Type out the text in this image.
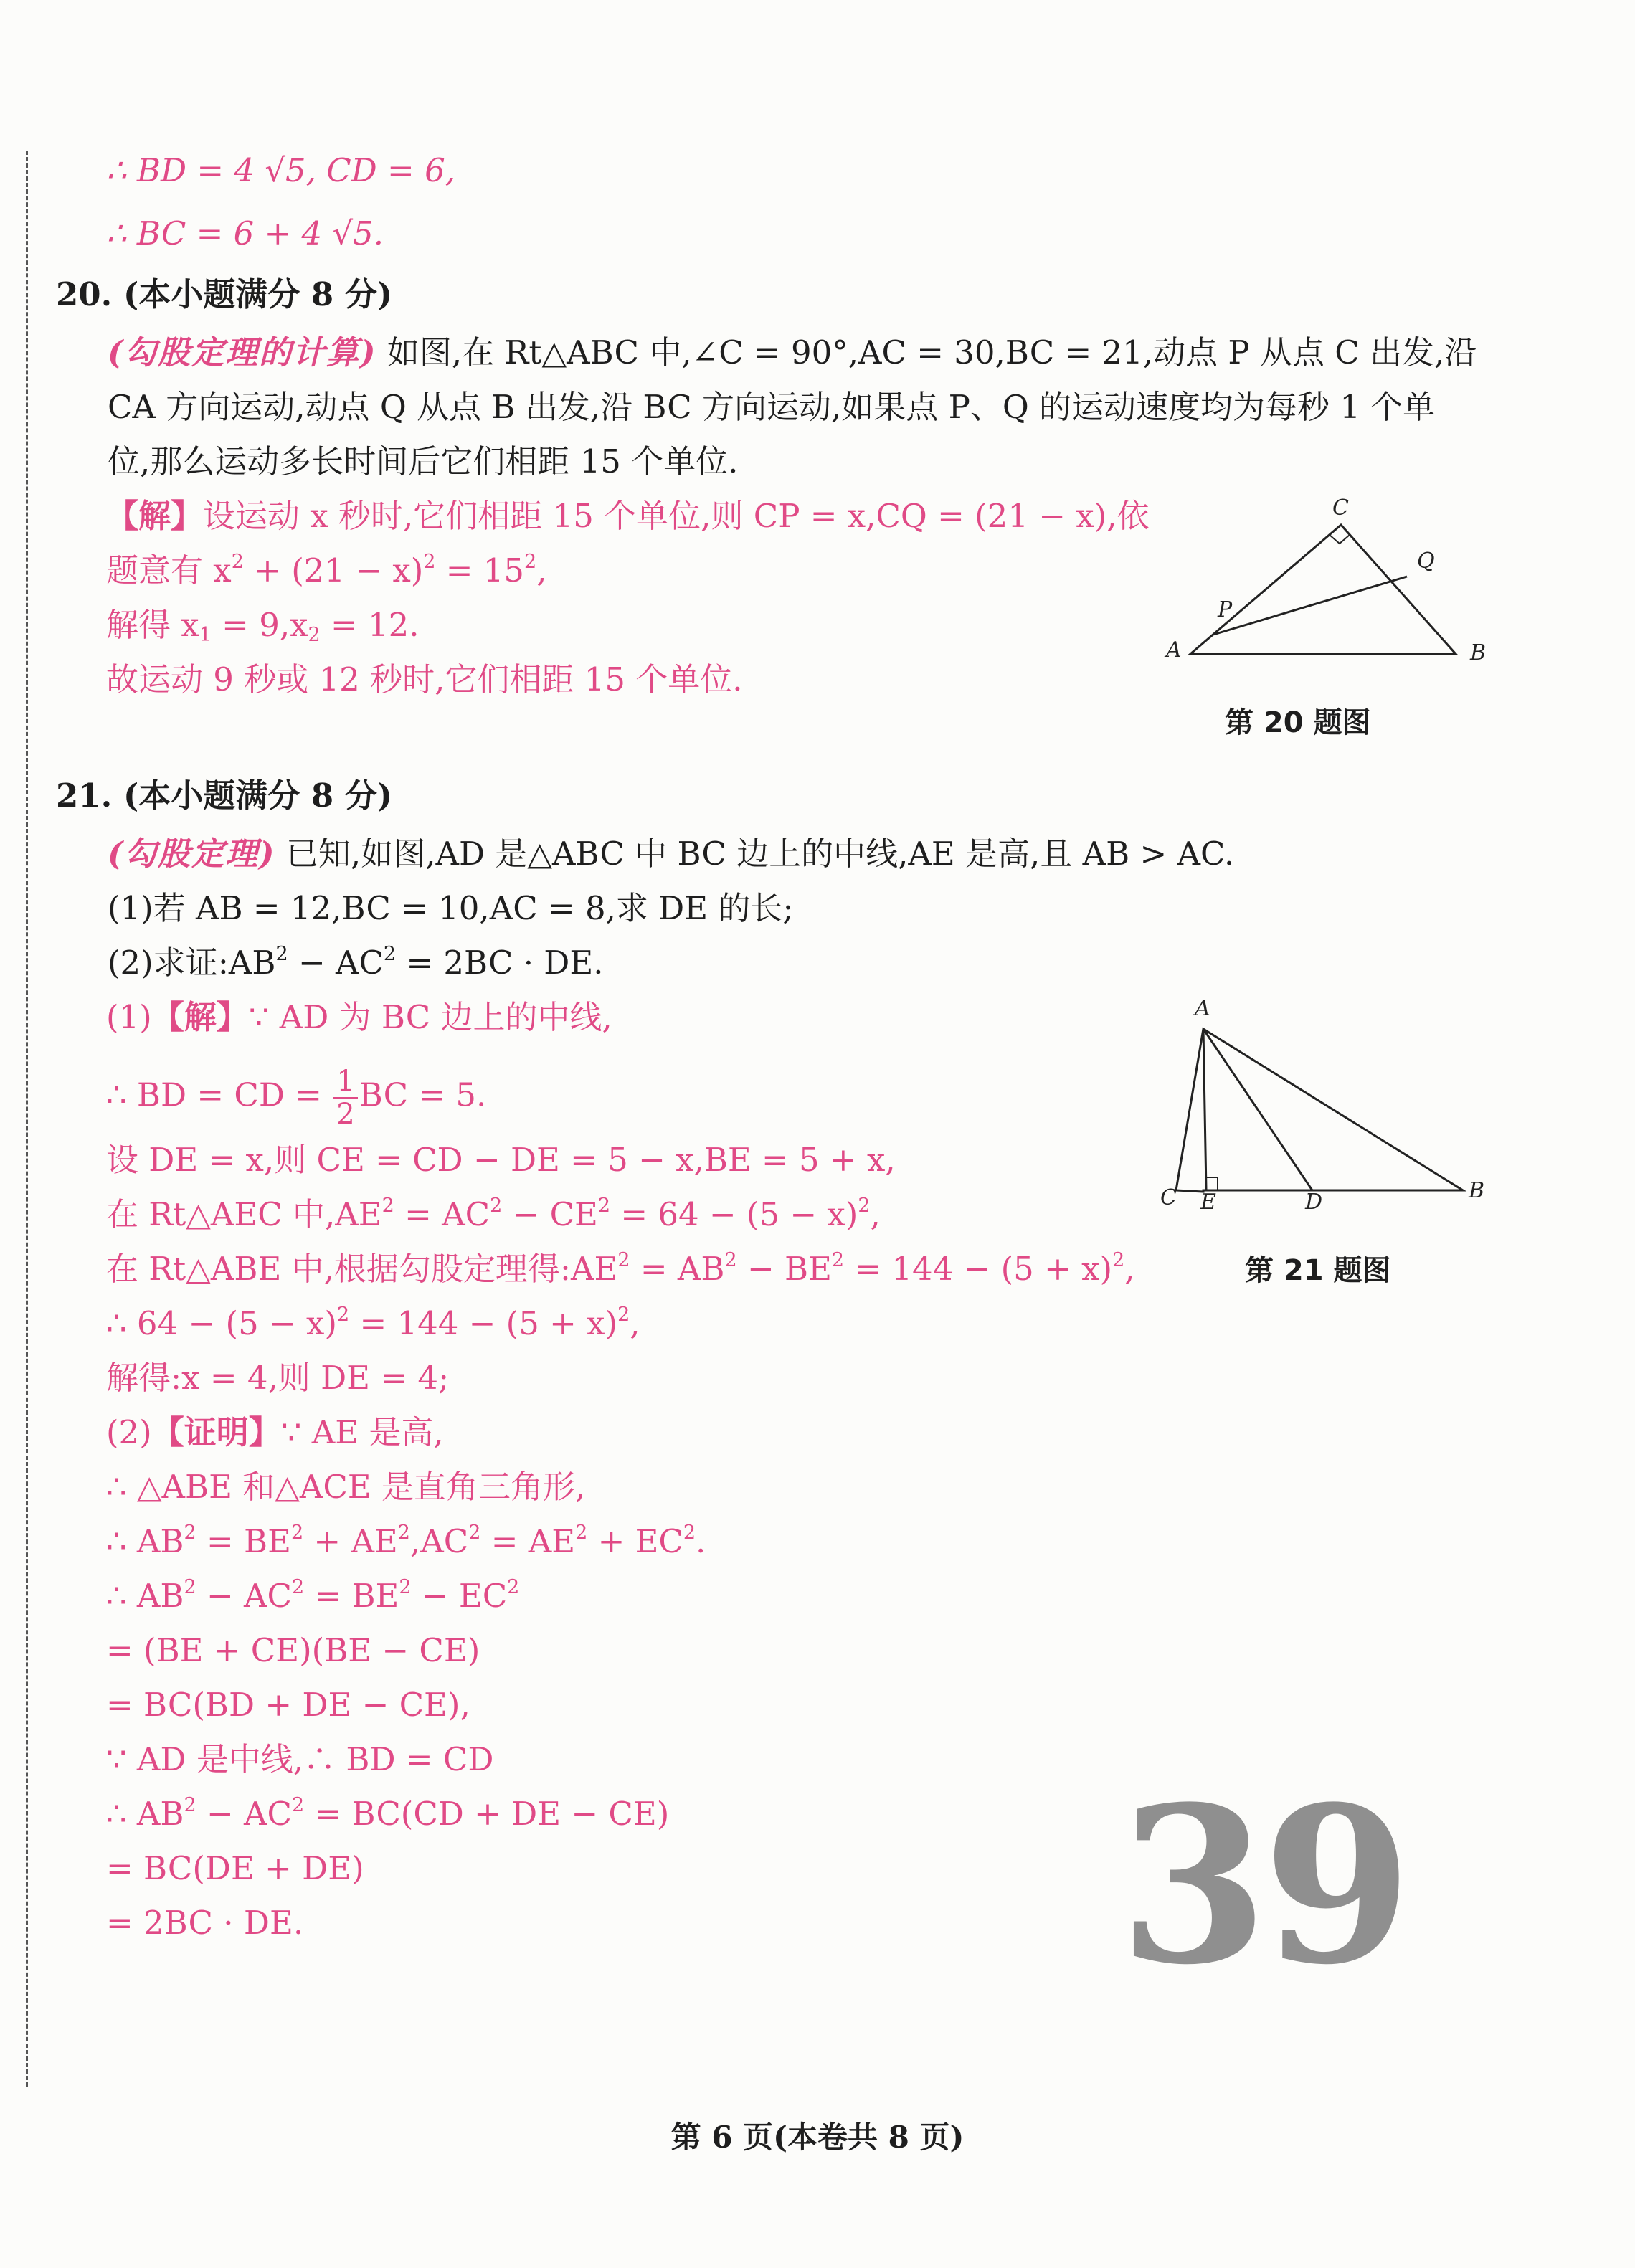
∴ BD = 4 √5, CD = 6,
∴ BC = 6 + 4 √5.
20. (本小题满分 8 分)
(勾股定理的计算) 如图,在 Rt△ABC 中,∠C = 90°,AC = 30,BC = 21,动点 P 从点 C 出发,沿
CA 方向运动,动点 Q 从点 B 出发,沿 BC 方向运动,如果点 P、Q 的运动速度均为每秒 1 个单
位,那么运动多长时间后它们相距 15 个单位.
【解】设运动 x 秒时,它们相距 15 个单位,则 CP = x,CQ = (21 − x),依
题意有 $x^2 + (21 - x)^2 = 15^2$,
解得 $x_1 = 9,x_2 = 12$.
故运动 9 秒或 12 秒时,它们相距 15 个单位.
C
Q
P
A	B
第 20 题图
21. (本小题满分 8 分)
(勾股定理) 已知,如图,AD 是△ABC 中 BC 边上的中线,AE 是高,且 AB > AC.
(1)若 AB = 12,BC = 10,AC = 8,求 DE 的长;
(2)求证$:AB^2 - AC^2 = 2BC$ · DE.
(1)【解】∵ AD 为 BC 边上的中线,
∴ BD = CD = $\frac{1}{2}$ BC = 5.
设 DE = x,则 CE = CD − DE = 5 − x,BE = 5 + x,
在 Rt△AEC 中$,AE^2 = AC^2 - CE^2 = 64 - (5 - x)^2$,
在 Rt△ABE 中,根据勾股定理得$:AE^2 = AB^2 - BE^2 = 144 - (5 + x)^2$,
∴ $64 - (5 - x)^2 = 144 - (5 + x)^2$,
解得:x = 4,则 DE = 4;
(2)【证明】∵ AE 是高,
∴ △ABE 和△ACE 是直角三角形,
∴ $AB^2 = BE^2 + AE^2,AC^2 = AE^2 + EC^2$.
∴ $AB^2 - AC^2 = BE^2 - EC^2$
= (BE + CE)(BE − CE)
= BC(BD + DE − CE),
∵ AD 是中线,∴ BD = CD
∴ $AB^2 - AC^2 = BC(CD$ + DE − CE)
= BC(DE + DE)
= 2BC · DE.
A
C E	D	B
第 21 题图
39
第 6 页(本卷共 8 页)
